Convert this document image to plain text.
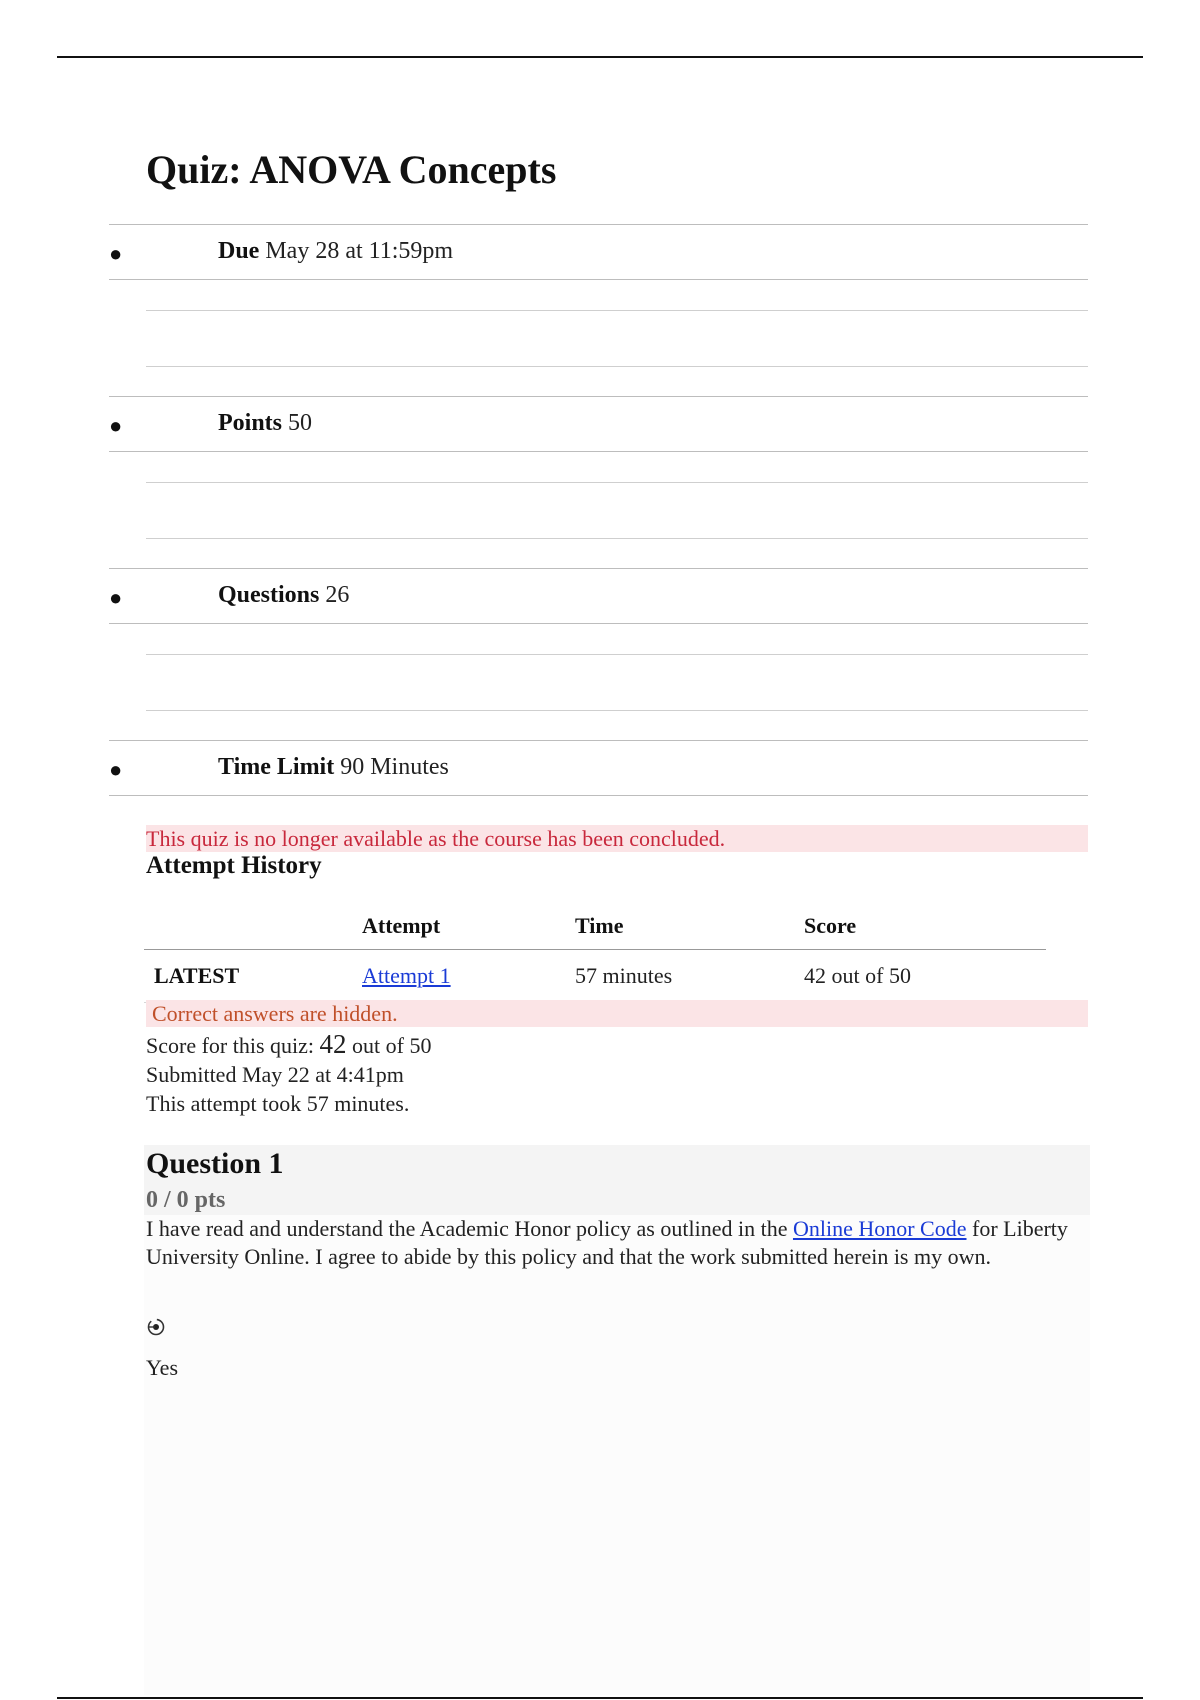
Quiz: ANOVA Concepts
●	Due May 28 at 11:59pm
●	Points 50
●	Questions 26
●	Time Limit 90 Minutes
This quiz is no longer available as the course has been concluded.
Attempt History
	Attempt	Time	Score
LATEST	Attempt 1	57 minutes	42 out of 50
Correct answers are hidden.
Score for this quiz: 42 out of 50
Submitted May 22 at 4:41pm
This attempt took 57 minutes.
Question 1
0 / 0 pts
I have read and understand the Academic Honor policy as outlined in the Online Honor Code for Liberty University Online. I agree to abide by this policy and that the work submitted herein is my own.
Yes
